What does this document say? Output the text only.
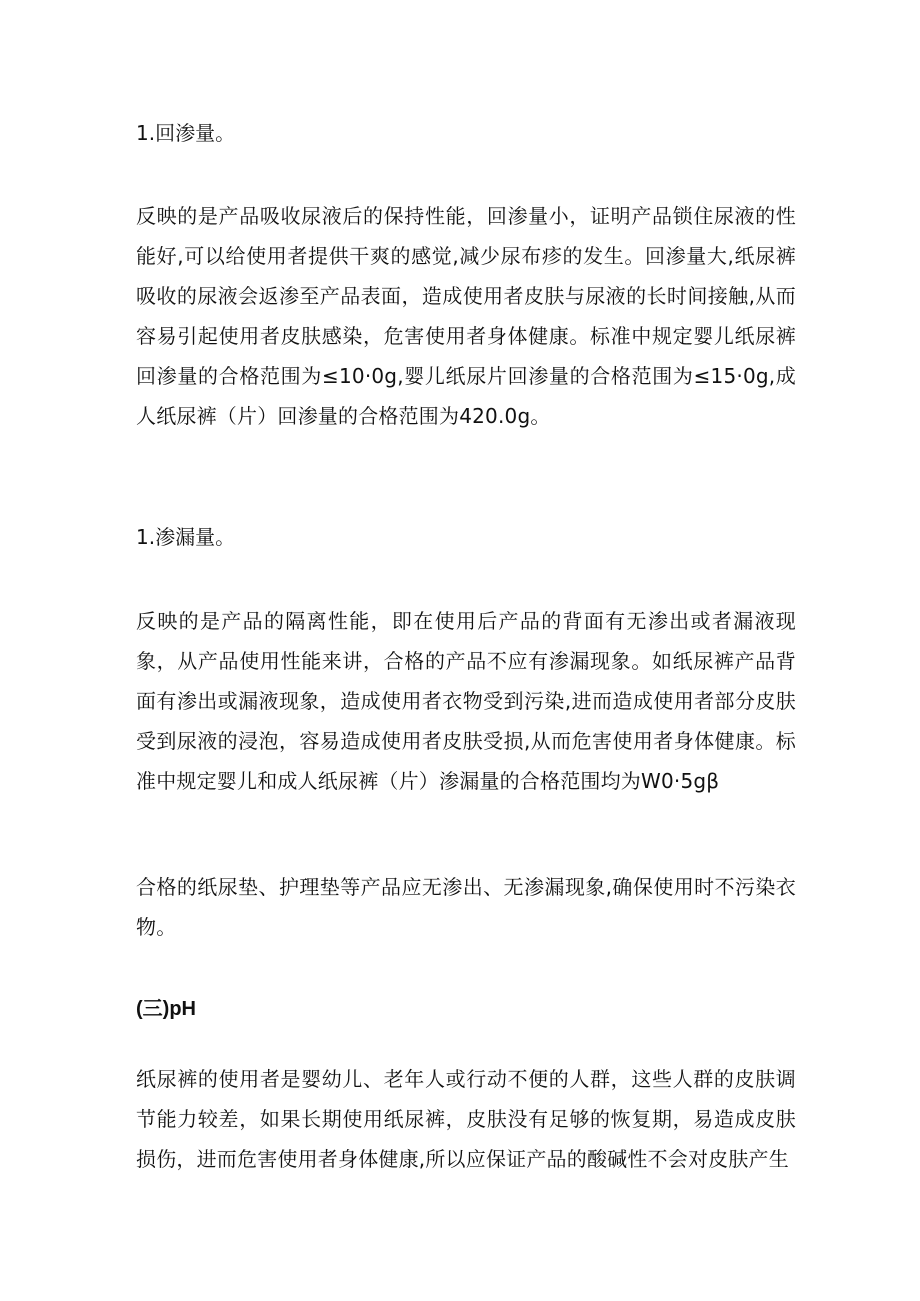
1.回渗量。

反映的是产品吸收尿液后的保持性能，回渗量小，证明产品锁住尿液的性能好,可以给使用者提供干爽的感觉,减少尿布疹的发生。回渗量大,纸尿裤吸收的尿液会返渗至产品表面，造成使用者皮肤与尿液的长时间接触,从而容易引起使用者皮肤感染，危害使用者身体健康。标准中规定婴儿纸尿裤回渗量的合格范围为≤10·0g,婴儿纸尿片回渗量的合格范围为≤15·0g,成人纸尿裤（片）回渗量的合格范围为420.0g。

1.渗漏量。

反映的是产品的隔离性能，即在使用后产品的背面有无渗出或者漏液现象，从产品使用性能来讲，合格的产品不应有渗漏现象。如纸尿裤产品背面有渗出或漏液现象，造成使用者衣物受到污染,进而造成使用者部分皮肤受到尿液的浸泡，容易造成使用者皮肤受损,从而危害使用者身体健康。标准中规定婴儿和成人纸尿裤（片）渗漏量的合格范围均为W0·5gβ

合格的纸尿垫、护理垫等产品应无渗出、无渗漏现象,确保使用时不污染衣物。

(三)pH

纸尿裤的使用者是婴幼儿、老年人或行动不便的人群，这些人群的皮肤调节能力较差，如果长期使用纸尿裤，皮肤没有足够的恢复期，易造成皮肤损伤，进而危害使用者身体健康,所以应保证产品的酸碱性不会对皮肤产生
